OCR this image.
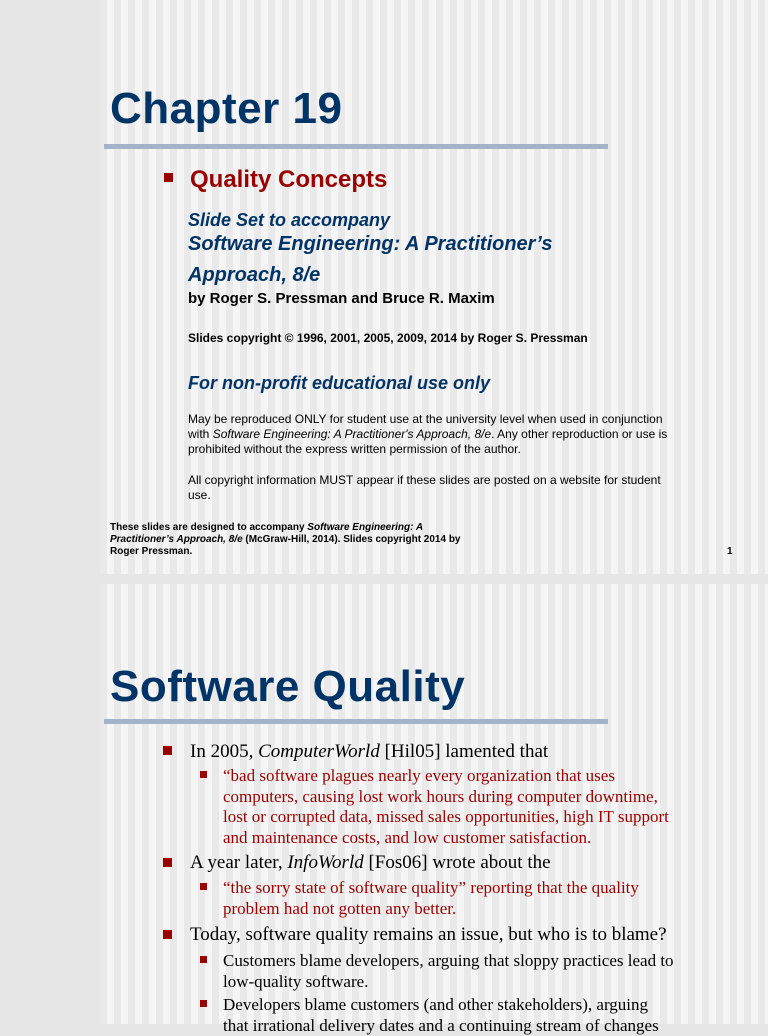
Chapter 19
Quality Concepts
Slide Set to accompany
Software Engineering: A Practitioner’s
Approach, 8/e
by Roger S. Pressman and Bruce R. Maxim
Slides copyright © 1996, 2001, 2005, 2009, 2014 by Roger S. Pressman
For non-profit educational use only
May be reproduced ONLY for student use at the university level when used in conjunction
with Software Engineering: A Practitioner's Approach, 8/e. Any other reproduction or use is
prohibited without the express written permission of the author.
All copyright information MUST appear if these slides are posted on a website for student
use.
These slides are designed to accompany Software Engineering: A
Practitioner’s Approach, 8/e (McGraw-Hill, 2014). Slides copyright 2014 by
Roger Pressman.	1
Software Quality
In 2005, ComputerWorld [Hil05] lamented that
“bad software plagues nearly every organization that uses
computers, causing lost work hours during computer downtime,
lost or corrupted data, missed sales opportunities, high IT support
and maintenance costs, and low customer satisfaction.
A year later, InfoWorld [Fos06] wrote about the
“the sorry state of software quality” reporting that the quality
problem had not gotten any better.
Today, software quality remains an issue, but who is to blame?
Customers blame developers, arguing that sloppy practices lead to
low-quality software.
Developers blame customers (and other stakeholders), arguing
that irrational delivery dates and a continuing stream of changes
